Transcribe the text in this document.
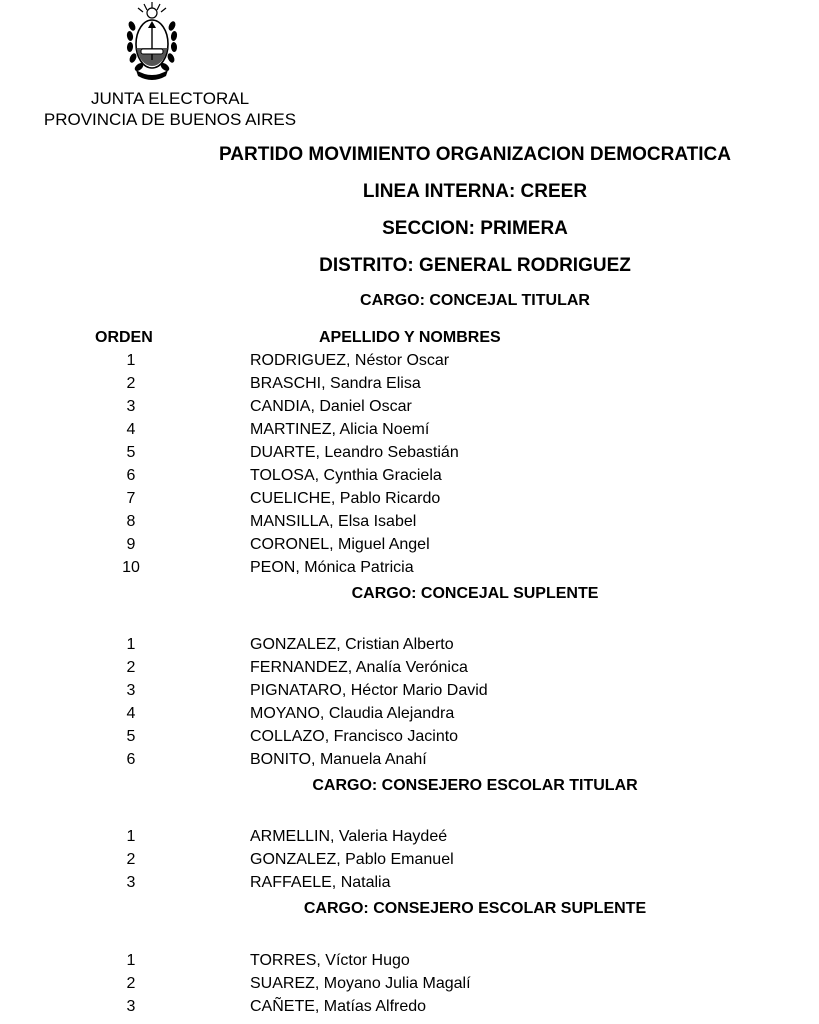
JUNTA ELECTORAL
PROVINCIA DE BUENOS AIRES
PARTIDO MOVIMIENTO ORGANIZACION DEMOCRATICA
LINEA INTERNA: CREER
SECCION: PRIMERA
DISTRITO: GENERAL RODRIGUEZ
CARGO: CONCEJAL TITULAR
ORDEN	APELLIDO Y NOMBRES
1	RODRIGUEZ, Néstor Oscar
2	BRASCHI, Sandra Elisa
3	CANDIA, Daniel Oscar
4	MARTINEZ, Alicia Noemí
5	DUARTE, Leandro Sebastián
6	TOLOSA, Cynthia Graciela
7	CUELICHE, Pablo Ricardo
8	MANSILLA, Elsa Isabel
9	CORONEL, Miguel Angel
10	PEON, Mónica Patricia
CARGO: CONCEJAL SUPLENTE
1	GONZALEZ, Cristian Alberto
2	FERNANDEZ, Analía Verónica
3	PIGNATARO, Héctor Mario David
4	MOYANO, Claudia Alejandra
5	COLLAZO, Francisco Jacinto
6	BONITO, Manuela Anahí
CARGO: CONSEJERO ESCOLAR TITULAR
1	ARMELLIN, Valeria Haydeé
2	GONZALEZ, Pablo Emanuel
3	RAFFAELE, Natalia
CARGO: CONSEJERO ESCOLAR SUPLENTE
1	TORRES, Víctor Hugo
2	SUAREZ, Moyano Julia Magalí
3	CAÑETE, Matías Alfredo
